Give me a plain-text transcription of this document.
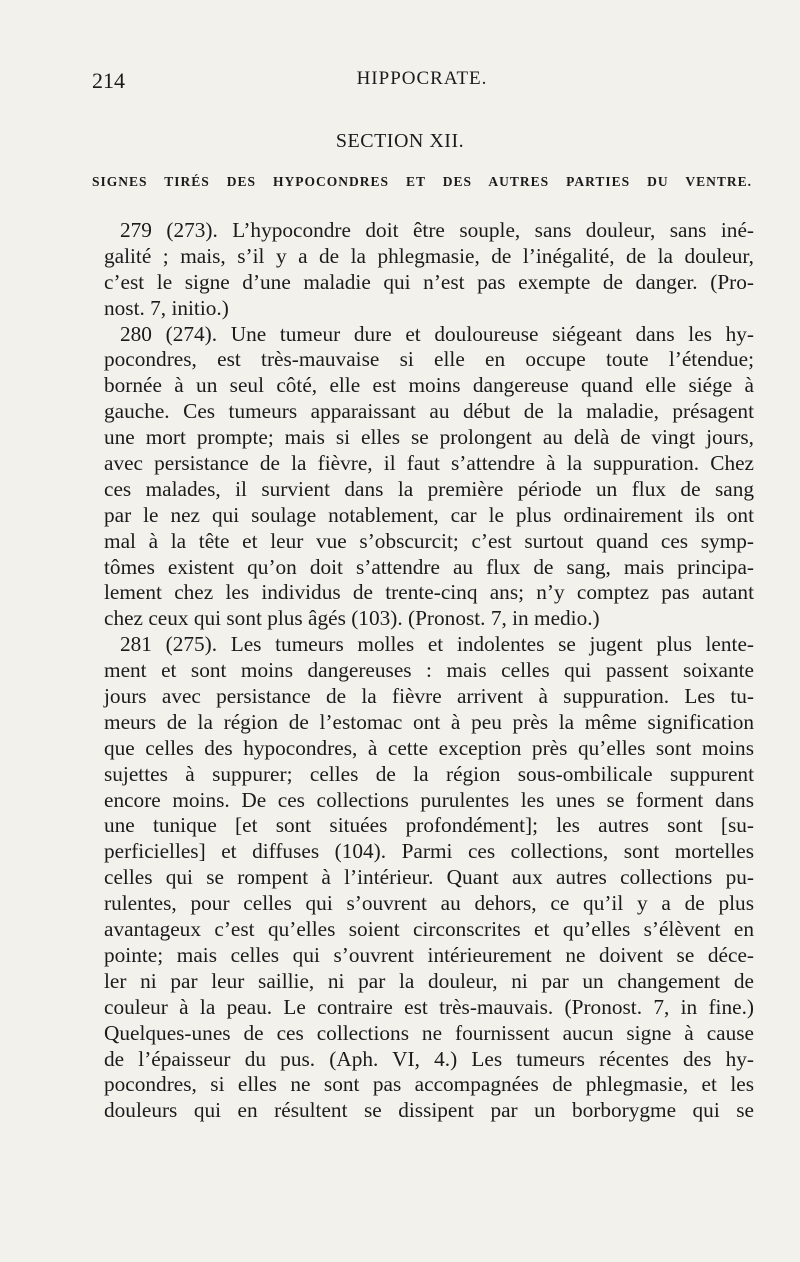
214	HIPPOCRATE.
SECTION XII.
SIGNES TIRÉS DES HYPOCONDRES ET DES AUTRES PARTIES DU VENTRE.
279 (273). L’hypocondre doit être souple, sans douleur, sans iné-
galité ; mais, s’il y a de la phlegmasie, de l’inégalité, de la douleur,
c’est le signe d’une maladie qui n’est pas exempte de danger. (Pro-
nost. 7, initio.)
280 (274). Une tumeur dure et douloureuse siégeant dans les hy-
pocondres, est très-mauvaise si elle en occupe toute l’étendue;
bornée à un seul côté, elle est moins dangereuse quand elle siége à
gauche. Ces tumeurs apparaissant au début de la maladie, présagent
une mort prompte; mais si elles se prolongent au delà de vingt jours,
avec persistance de la fièvre, il faut s’attendre à la suppuration. Chez
ces malades, il survient dans la première période un flux de sang
par le nez qui soulage notablement, car le plus ordinairement ils ont
mal à la tête et leur vue s’obscurcit; c’est surtout quand ces symp-
tômes existent qu’on doit s’attendre au flux de sang, mais principa-
lement chez les individus de trente-cinq ans; n’y comptez pas autant
chez ceux qui sont plus âgés (103). (Pronost. 7, in medio.)
281 (275). Les tumeurs molles et indolentes se jugent plus lente-
ment et sont moins dangereuses : mais celles qui passent soixante
jours avec persistance de la fièvre arrivent à suppuration. Les tu-
meurs de la région de l’estomac ont à peu près la même signification
que celles des hypocondres, à cette exception près qu’elles sont moins
sujettes à suppurer; celles de la région sous-ombilicale suppurent
encore moins. De ces collections purulentes les unes se forment dans
une tunique [et sont situées profondément]; les autres sont [su-
perficielles] et diffuses (104). Parmi ces collections, sont mortelles
celles qui se rompent à l’intérieur. Quant aux autres collections pu-
rulentes, pour celles qui s’ouvrent au dehors, ce qu’il y a de plus
avantageux c’est qu’elles soient circonscrites et qu’elles s’élèvent en
pointe; mais celles qui s’ouvrent intérieurement ne doivent se déce-
ler ni par leur saillie, ni par la douleur, ni par un changement de
couleur à la peau. Le contraire est très-mauvais. (Pronost. 7, in fine.)
Quelques-unes de ces collections ne fournissent aucun signe à cause
de l’épaisseur du pus. (Aph. VI, 4.) Les tumeurs récentes des hy-
pocondres, si elles ne sont pas accompagnées de phlegmasie, et les
douleurs qui en résultent se dissipent par un borborygme qui se
